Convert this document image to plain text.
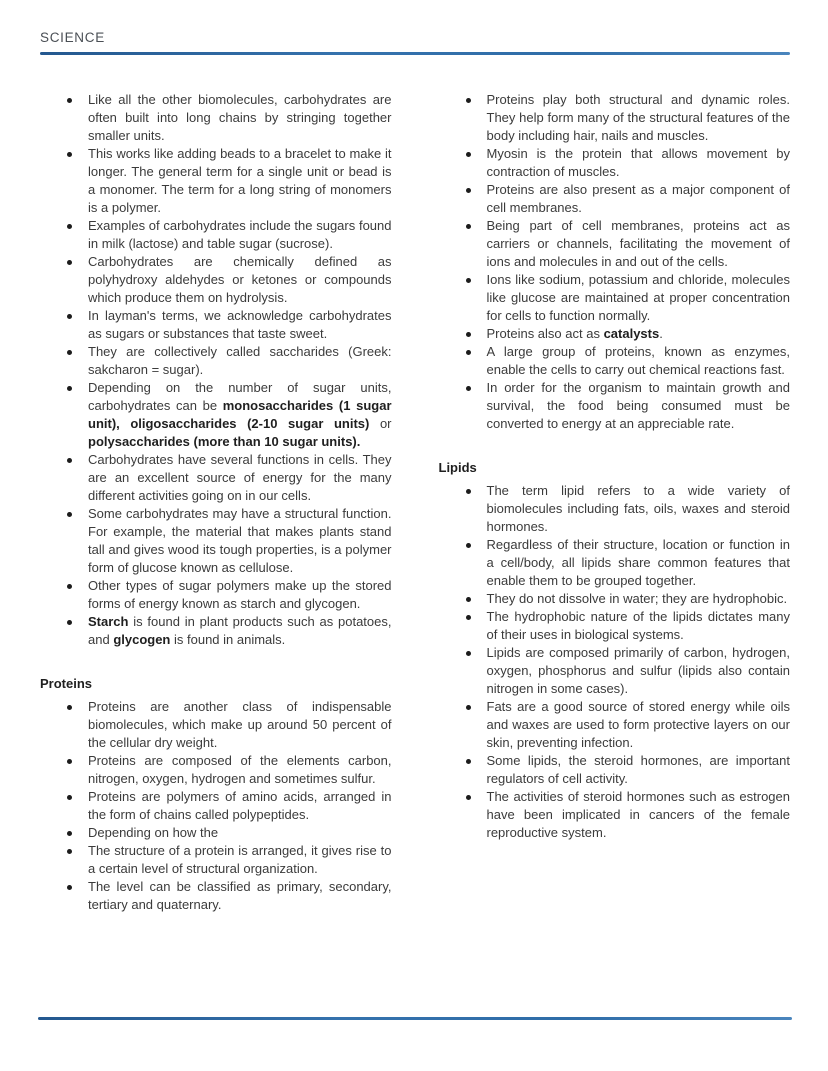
SCIENCE
Like all the other biomolecules, carbohydrates are often built into long chains by stringing together smaller units.
This works like adding beads to a bracelet to make it longer. The general term for a single unit or bead is a monomer. The term for a long string of monomers is a polymer.
Examples of carbohydrates include the sugars found in milk (lactose) and table sugar (sucrose).
Carbohydrates are chemically defined as polyhydroxy aldehydes or ketones or compounds which produce them on hydrolysis.
In layman's terms, we acknowledge carbohydrates as sugars or substances that taste sweet.
They are collectively called saccharides (Greek: sakcharon = sugar).
Depending on the number of sugar units, carbohydrates can be monosaccharides (1 sugar unit), oligosaccharides (2-10 sugar units) or polysaccharides (more than 10 sugar units).
Carbohydrates have several functions in cells. They are an excellent source of energy for the many different activities going on in our cells.
Some carbohydrates may have a structural function. For example, the material that makes plants stand tall and gives wood its tough properties, is a polymer form of glucose known as cellulose.
Other types of sugar polymers make up the stored forms of energy known as starch and glycogen.
Starch is found in plant products such as potatoes, and glycogen is found in animals.
Proteins
Proteins are another class of indispensable biomolecules, which make up around 50 percent of the cellular dry weight.
Proteins are composed of the elements carbon, nitrogen, oxygen, hydrogen and sometimes sulfur.
Proteins are polymers of amino acids, arranged in the form of chains called polypeptides.
Depending on how the
The structure of a protein is arranged, it gives rise to a certain level of structural organization.
The level can be classified as primary, secondary, tertiary and quaternary.
Proteins play both structural and dynamic roles. They help form many of the structural features of the body including hair, nails and muscles.
Myosin is the protein that allows movement by contraction of muscles.
Proteins are also present as a major component of cell membranes.
Being part of cell membranes, proteins act as carriers or channels, facilitating the movement of ions and molecules in and out of the cells.
Ions like sodium, potassium and chloride, molecules like glucose are maintained at proper concentration for cells to function normally.
Proteins also act as catalysts.
A large group of proteins, known as enzymes, enable the cells to carry out chemical reactions fast.
In order for the organism to maintain growth and survival, the food being consumed must be converted to energy at an appreciable rate.
Lipids
The term lipid refers to a wide variety of biomolecules including fats, oils, waxes and steroid hormones.
Regardless of their structure, location or function in a cell/body, all lipids share common features that enable them to be grouped together.
They do not dissolve in water; they are hydrophobic.
The hydrophobic nature of the lipids dictates many of their uses in biological systems.
Lipids are composed primarily of carbon, hydrogen, oxygen, phosphorus and sulfur (lipids also contain nitrogen in some cases).
Fats are a good source of stored energy while oils and waxes are used to form protective layers on our skin, preventing infection.
Some lipids, the steroid hormones, are important regulators of cell activity.
The activities of steroid hormones such as estrogen have been implicated in cancers of the female reproductive system.
